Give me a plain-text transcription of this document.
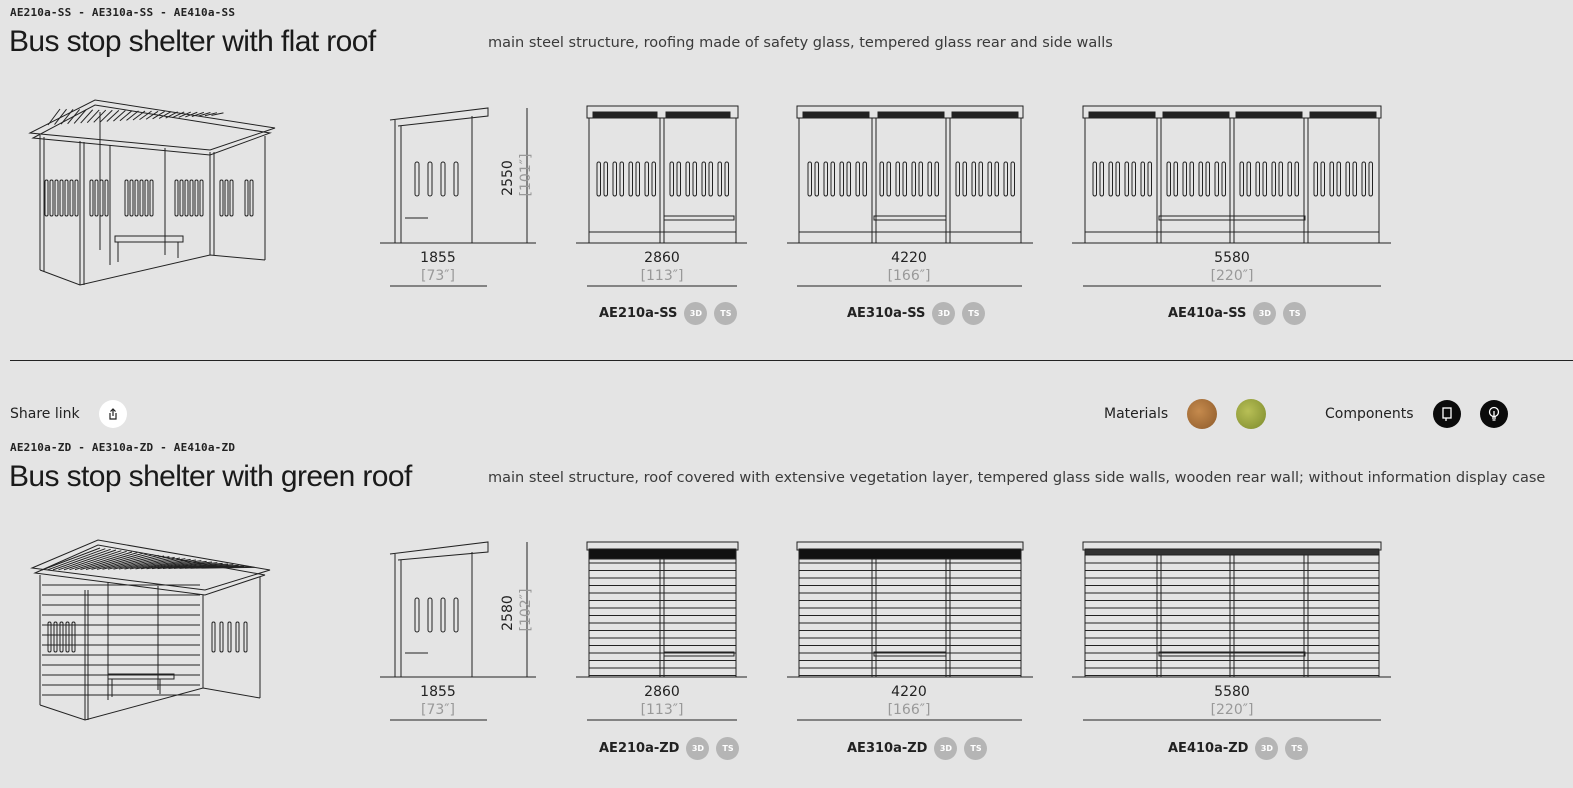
AE210a-SS - AE310a-SS - AE410a-SS
Bus stop shelter with flat roof	main steel structure, roofing made of safety glass, tempered glass rear and side walls
2550 [101″]
1855
[73″]
2860
[113″]
4220
[166″]
5580
[220″]
AE210a-SS	3D	TS	AE310a-SS	3D	TS	AE410a-SS	3D	TS
Share link	Materials	Components
AE210a-ZD - AE310a-ZD - AE410a-ZD
Bus stop shelter with green roof	main steel structure, roof covered with extensive vegetation layer, tempered glass side walls, wooden rear wall; without information display case
2580 [102″]
1855
[73″]
2860
[113″]
4220
[166″]
5580
[220″]
AE210a-ZD	3D	TS	AE310a-ZD	3D	TS	AE410a-ZD	3D	TS
